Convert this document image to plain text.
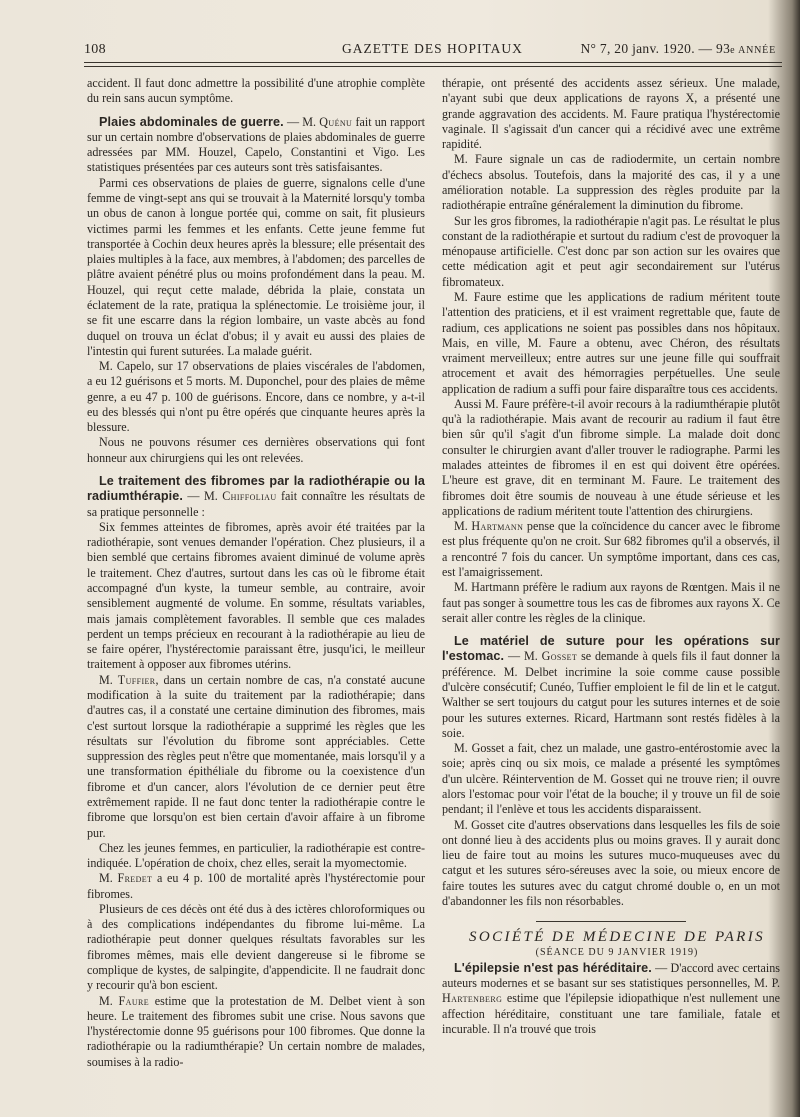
108	GAZETTE DES HOPITAUX	N° 7, 20 janv. 1920. — 93e ANNÉE

accident. Il faut donc admettre la possibilité d'une atrophie complète du rein sans aucun symptôme.

Plaies abdominales de guerre. — M. Quénu fait un rapport sur un certain nombre d'observations de plaies abdominales de guerre adressées par MM. Houzel, Capelo, Constantini et Vigo. Les statistiques présentées par ces auteurs sont très satisfaisantes.

Parmi ces observations de plaies de guerre, signalons celle d'une femme de vingt-sept ans qui se trouvait à la Maternité lorsqu'y tomba un obus de canon à longue portée qui, comme on sait, fit plusieurs victimes parmi les femmes et les enfants. Cette jeune femme fut transportée à Cochin deux heures après la blessure; elle présentait des plaies multiples à la face, aux membres, à l'abdomen; des parcelles de plâtre avaient pénétré plus ou moins profondément dans la peau. M. Houzel, qui reçut cette malade, débrida la plaie, constata un éclatement de la rate, pratiqua la splénectomie. Le troisième jour, il se fit une escarre dans la région lombaire, un vaste abcès au fond duquel on trouva un éclat d'obus; il y avait eu aussi des plaies de l'intestin qui furent suturées. La malade guérit.

M. Capelo, sur 17 observations de plaies viscérales de l'abdomen, a eu 12 guérisons et 5 morts. M. Duponchel, pour des plaies de même genre, a eu 47 p. 100 de guérisons. Encore, dans ce nombre, y a-t-il eu des blessés qui n'ont pu être opérés que cinquante heures après la blessure.

Nous ne pouvons résumer ces dernières observations qui font honneur aux chirurgiens qui les ont relevées.

Le traitement des fibromes par la radiothérapie ou la radiumthérapie. — M. Chiffoliau fait connaître les résultats de sa pratique personnelle :

Six femmes atteintes de fibromes, après avoir été traitées par la radiothérapie, sont venues demander l'opération. Chez plusieurs, il a bien semblé que certains fibromes avaient diminué de volume après le traitement. Chez d'autres, surtout dans les cas où le fibrome était accompagné d'un kyste, la tumeur semble, au contraire, avoir sensiblement augmenté de volume. En somme, résultats variables, mais jamais complètement favorables. Il semble que ces malades perdent un temps précieux en recourant à la radiothérapie au lieu de se faire opérer, l'hystérectomie paraissant être, jusqu'ici, le meilleur traitement à opposer aux fibromes utérins.

M. Tuffier, dans un certain nombre de cas, n'a constaté aucune modification à la suite du traitement par la radiothérapie; dans d'autres cas, il a constaté une certaine diminution des fibromes, mais c'est surtout lorsque la radiothérapie a supprimé les règles que les résultats sur l'évolution du fibrome sont appréciables. Cette suppression des règles peut n'être que momentanée, mais lorsqu'il y a une transformation épithéliale du fibrome ou la coexistence d'un fibrome et d'un cancer, alors l'évolution de ce dernier peut être extrêmement rapide. Il ne faut donc tenter la radiothérapie contre le fibrome que lorsqu'on est bien certain d'avoir affaire à un fibrome pur.

Chez les jeunes femmes, en particulier, la radiothérapie est contre-indiquée. L'opération de choix, chez elles, serait la myomectomie.

M. Fredet a eu 4 p. 100 de mortalité après l'hystérectomie pour fibromes.

Plusieurs de ces décès ont été dus à des ictères chloroformiques ou à des complications indépendantes du fibrome lui-même. La radiothérapie peut donner quelques résultats favorables sur les fibromes mêmes, mais elle devient dangereuse si le fibrome se complique de kystes, de salpingite, d'appendicite. Il ne faudrait donc y recourir qu'à bon escient.

M. Faure estime que la protestation de M. Delbet vient à son heure. Le traitement des fibromes subit une crise. Nous savons que l'hystérectomie donne 95 guérisons pour 100 fibromes. Que donne la radiothérapie ou la radiumthérapie? Un certain nombre de malades, soumises à la radio-

thérapie, ont présenté des accidents assez sérieux. Une malade, n'ayant subi que deux applications de rayons X, a présenté une grande aggravation des accidents. M. Faure pratiqua l'hystérectomie vaginale. Il s'agissait d'un cancer qui a récidivé avec une extrême rapidité.

M. Faure signale un cas de radiodermite, un certain nombre d'échecs absolus. Toutefois, dans la majorité des cas, il y a une amélioration notable. La suppression des règles produite par la radiothérapie entraîne généralement la diminution du fibrome.

Sur les gros fibromes, la radiothérapie n'agit pas. Le résultat le plus constant de la radiothérapie et surtout du radium c'est de provoquer la ménopause artificielle. C'est donc par son action sur les ovaires que cette médication agit et peut agir secondairement sur l'utérus fibromateux.

M. Faure estime que les applications de radium méritent toute l'attention des praticiens, et il est vraiment regrettable que, faute de radium, ces applications ne soient pas possibles dans nos hôpitaux. Mais, en ville, M. Faure a obtenu, avec Chéron, des résultats vraiment merveilleux; entre autres sur une jeune fille qui souffrait atrocement et avait des hémorragies perpétuelles. Une seule application de radium a suffi pour faire disparaître tous ces accidents.

Aussi M. Faure préfère-t-il avoir recours à la radiumthérapie plutôt qu'à la radiothérapie. Mais avant de recourir au radium il faut être bien sûr qu'il s'agit d'un fibrome simple. La malade doit donc consulter le chirurgien avant d'aller trouver le radiographe. Parmi les malades atteintes de fibromes il en est qui doivent être opérées. L'heure est grave, dit en terminant M. Faure. Le traitement des fibromes doit être soumis de nouveau à une étude sérieuse et les applications de radium méritent toute l'attention des chirurgiens.

M. Hartmann pense que la coïncidence du cancer avec le fibrome est plus fréquente qu'on ne croit. Sur 682 fibromes qu'il a observés, il a rencontré 7 fois du cancer. Un symptôme important, dans ces cas, est l'amaigrissement.

M. Hartmann préfère le radium aux rayons de Rœntgen. Mais il ne faut pas songer à soumettre tous les cas de fibromes aux rayons X. Ce serait aller contre les règles de la clinique.

Le matériel de suture pour les opérations sur l'estomac. — M. Gosset se demande à quels fils il faut donner la préférence. M. Delbet incrimine la soie comme cause possible d'ulcère consécutif; Cunéo, Tuffier emploient le fil de lin et le catgut. Walther se sert toujours du catgut pour les sutures internes et de soie pour les sutures externes. Ricard, Hartmann sont restés fidèles à la soie.

M. Gosset a fait, chez un malade, une gastro-entérostomie avec la soie; après cinq ou six mois, ce malade a présenté les symptômes d'un ulcère. Réintervention de M. Gosset qui ne trouve rien; il ouvre alors l'estomac pour voir l'état de la bouche; il y trouve un fil de soie pendant; il l'enlève et tous les accidents disparaissent.

M. Gosset cite d'autres observations dans lesquelles les fils de soie ont donné lieu à des accidents plus ou moins graves. Il y aurait donc lieu de faire tout au moins les sutures muco-muqueuses avec du catgut et les sutures séro-séreuses avec la soie, ou mieux encore de faire toutes les sutures avec du catgut chromé double o, en un mot d'abandonner les fils non résorbables.

SOCIÉTÉ DE MÉDECINE DE PARIS

(SÉANCE DU 9 JANVIER 1919)

L'épilepsie n'est pas héréditaire. — D'accord avec certains auteurs modernes et se basant sur ses statistiques personnelles, M. P. Hartenberg estime que l'épilepsie idiopathique n'est nullement une affection héréditaire, constituant une tare familiale, fatale et incurable. Il n'a trouvé que trois
